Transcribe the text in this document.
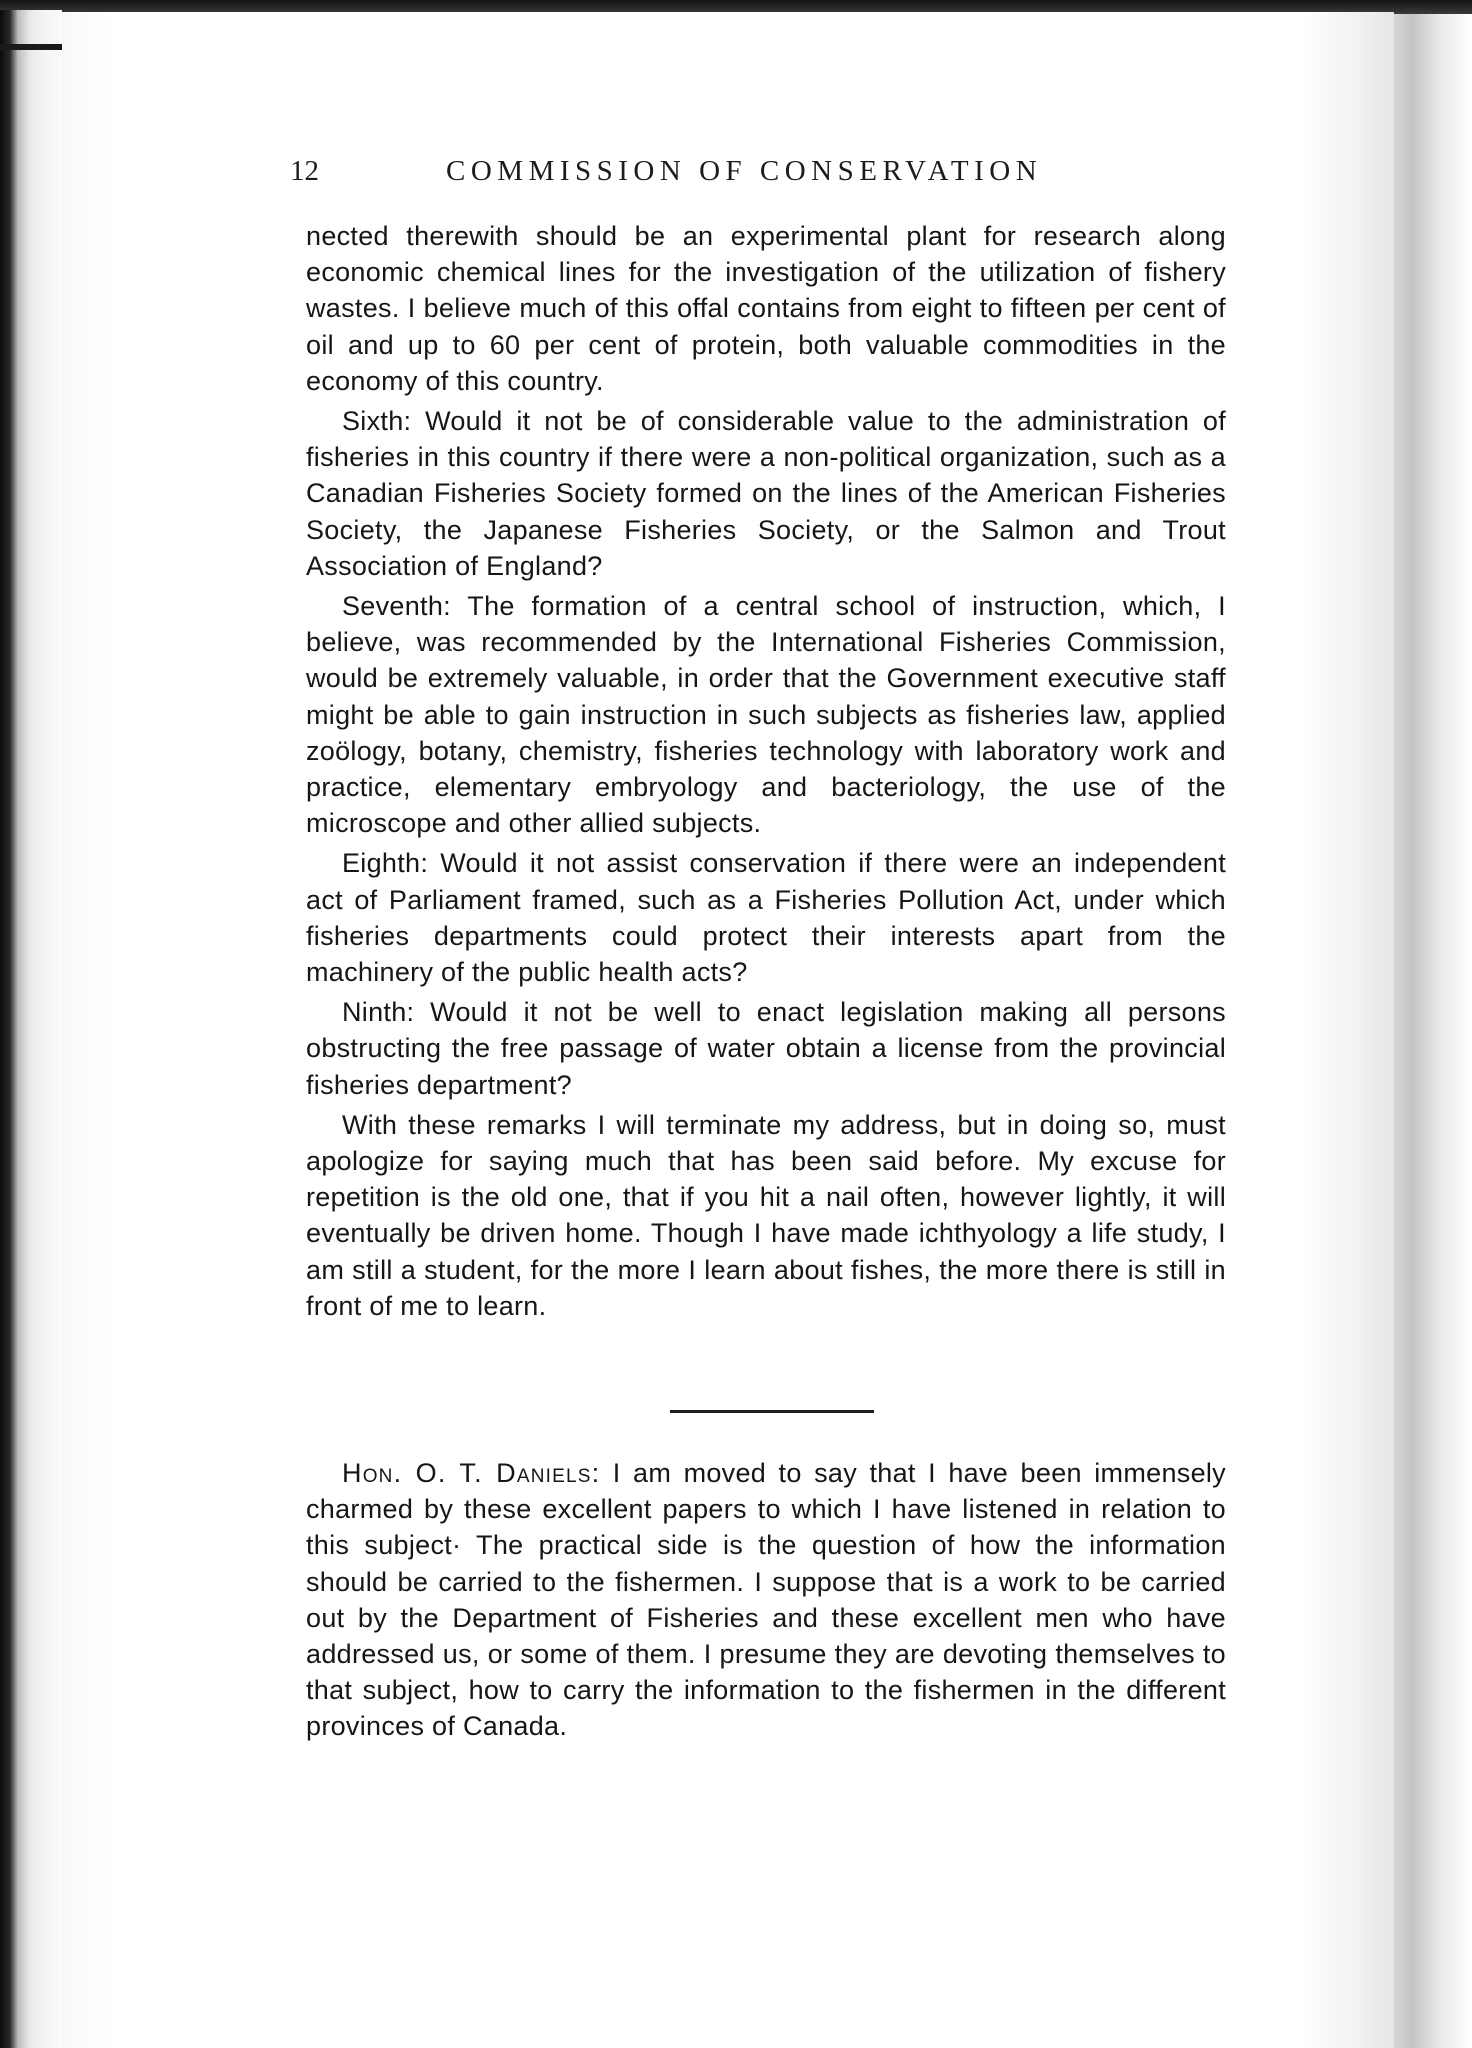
12	COMMISSION OF CONSERVATION

nected therewith should be an experimental plant for research along economic chemical lines for the investigation of the utilization of fishery wastes. I believe much of this offal contains from eight to fifteen per cent of oil and up to 60 per cent of protein, both valuable commodities in the economy of this country.

Sixth: Would it not be of considerable value to the administration of fisheries in this country if there were a non-political organization, such as a Canadian Fisheries Society formed on the lines of the American Fisheries Society, the Japanese Fisheries Society, or the Salmon and Trout Association of England?

Seventh: The formation of a central school of instruction, which, I believe, was recommended by the International Fisheries Commission, would be extremely valuable, in order that the Government executive staff might be able to gain instruction in such subjects as fisheries law, applied zoölogy, botany, chemistry, fisheries technology with laboratory work and practice, elementary embryology and bacteriology, the use of the microscope and other allied subjects.

Eighth: Would it not assist conservation if there were an independent act of Parliament framed, such as a Fisheries Pollution Act, under which fisheries departments could protect their interests apart from the machinery of the public health acts?

Ninth: Would it not be well to enact legislation making all persons obstructing the free passage of water obtain a license from the provincial fisheries department?

With these remarks I will terminate my address, but in doing so, must apologize for saying much that has been said before. My excuse for repetition is the old one, that if you hit a nail often, however lightly, it will eventually be driven home. Though I have made ichthyology a life study, I am still a student, for the more I learn about fishes, the more there is still in front of me to learn.

Hon. O. T. Daniels: I am moved to say that I have been immensely charmed by these excellent papers to which I have listened in relation to this subject· The practical side is the question of how the information should be carried to the fishermen. I suppose that is a work to be carried out by the Department of Fisheries and these excellent men who have addressed us, or some of them. I presume they are devoting themselves to that subject, how to carry the information to the fishermen in the different provinces of Canada.
